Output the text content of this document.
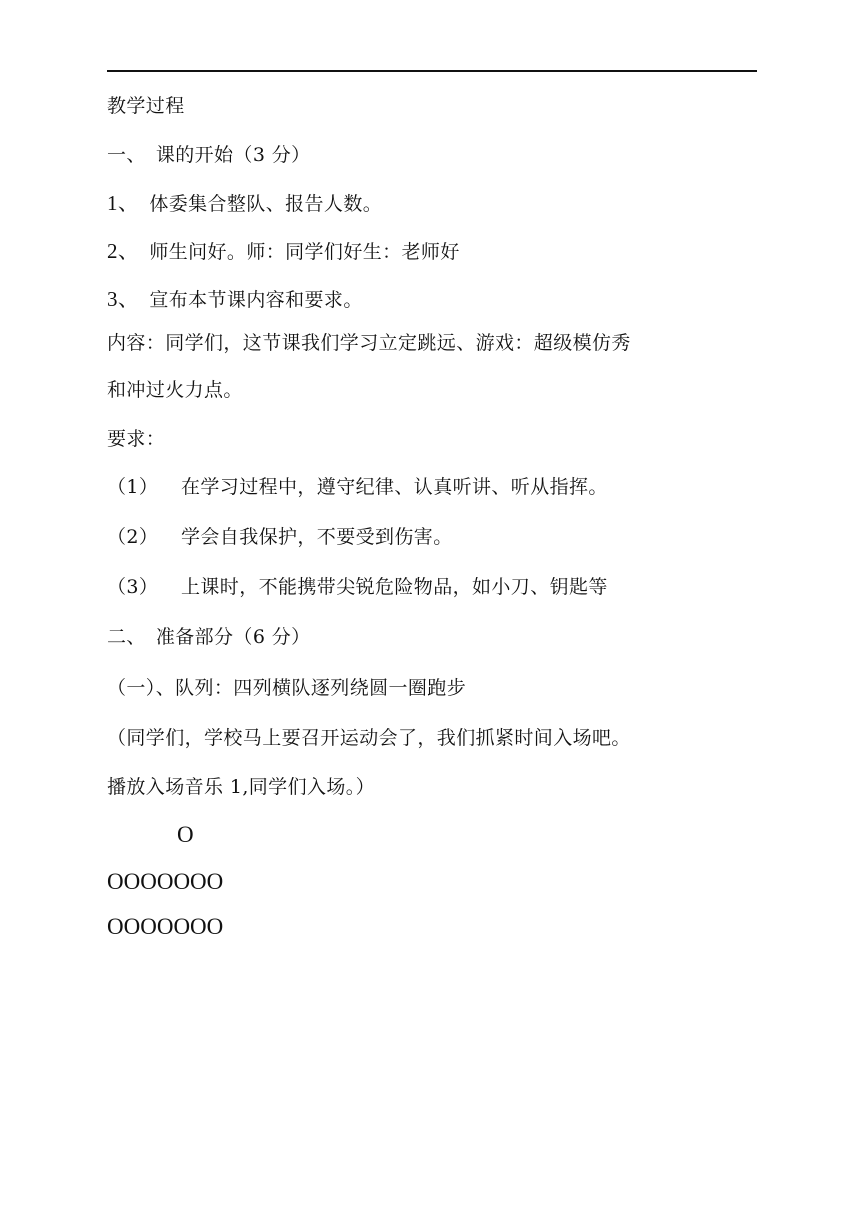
教学过程
一、 课的开始（3 分）
1、 体委集合整队、报告人数。
2、 师生问好。师：同学们好生：老师好
3、 宣布本节课内容和要求。
内容：同学们，这节课我们学习立定跳远、游戏：超级模仿秀
和冲过火力点。
要求：
（1） 在学习过程中，遵守纪律、认真听讲、听从指挥。
（2） 学会自我保护，不要受到伤害。
（3） 上课时，不能携带尖锐危险物品，如小刀、钥匙等
二、 准备部分（6 分）
（一）、队列：四列横队逐列绕圆一圈跑步
（同学们，学校马上要召开运动会了，我们抓紧时间入场吧。
播放入场音乐 1,同学们入场。）
O
OOOOOOO
OOOOOOO
